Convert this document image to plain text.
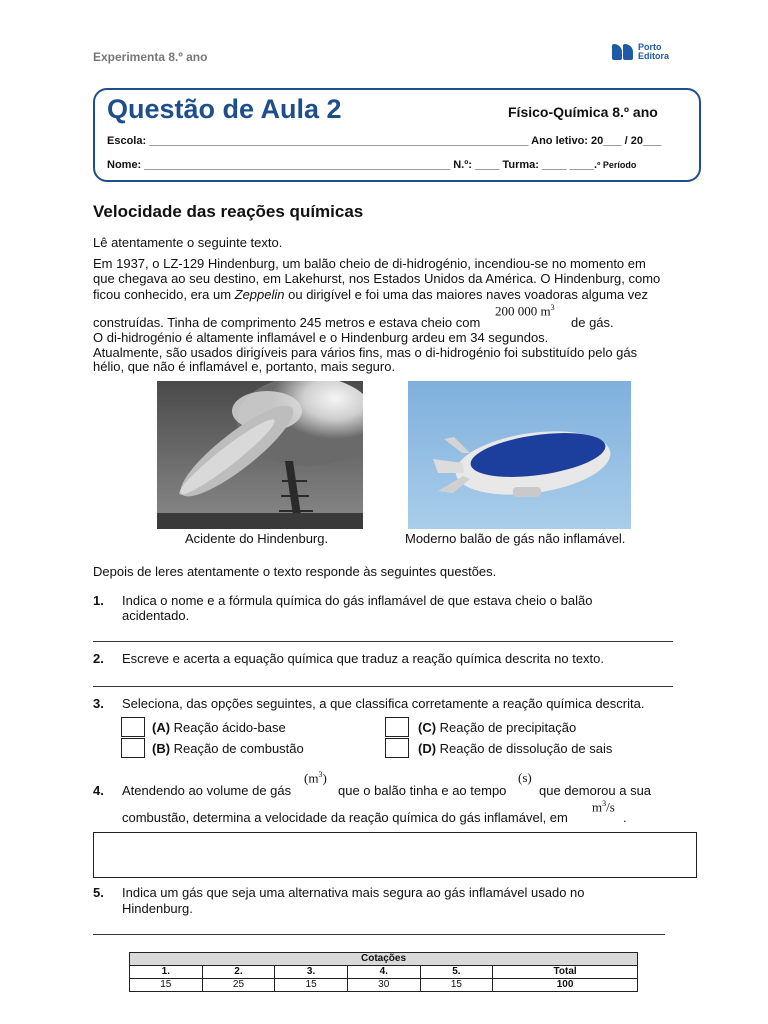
Experimenta 8.º ano
Porto
Editora
Questão de Aula 2	Físico-Química 8.º ano
Escola: ______________________________________________________________ Ano letivo: 20___ / 20___
Nome: __________________________________________________ N.º: ____ Turma: ____ ____.º Período
Velocidade das reações químicas
Lê atentamente o seguinte texto.
Em 1937, o LZ-129 Hindenburg, um balão cheio de di-hidrogénio, incendiou-se no momento em
que chegava ao seu destino, em Lakehurst, nos Estados Unidos da América. O Hindenburg, como
ficou conhecido, era um Zeppelin ou dirigível e foi uma das maiores naves voadoras alguma vez
200 000 $m^3$
construídas. Tinha de comprimento 245 metros e estava cheio com	de gás.
O di-hidrogénio é altamente inflamável e o Hindenburg ardeu em 34 segundos.
Atualmente, são usados dirigíveis para vários fins, mas o di-hidrogénio foi substituído pelo gás
hélio, que não é inflamável e, portanto, mais seguro.
Acidente do Hindenburg.	Moderno balão de gás não inflamável.
Depois de leres atentamente o texto responde às seguintes questões.
1. Indica o nome e a fórmula química do gás inflamável de que estava cheio o balão
acidentado.
2. Escreve e acerta a equação química que traduz a reação química descrita no texto.
3. Seleciona, das opções seguintes, a que classifica corretamente a reação química descrita.
(A) Reação ácido-base
(B) Reação de combustão
(C) Reação de precipitação
(D) Reação de dissolução de sais
4. Atendendo ao volume de gás
$(m^3)$
que o balão tinha e ao tempo
(s)
que demorou a sua
combustão, determina a velocidade da reação química do gás inflamável, em
$m^3/s$
.
5. Indica um gás que seja uma alternativa mais segura ao gás inflamável usado no
Hindenburg.
Cotações					
1.	2.	3.	4.	5.	Total
15	25	15	30	15	100
